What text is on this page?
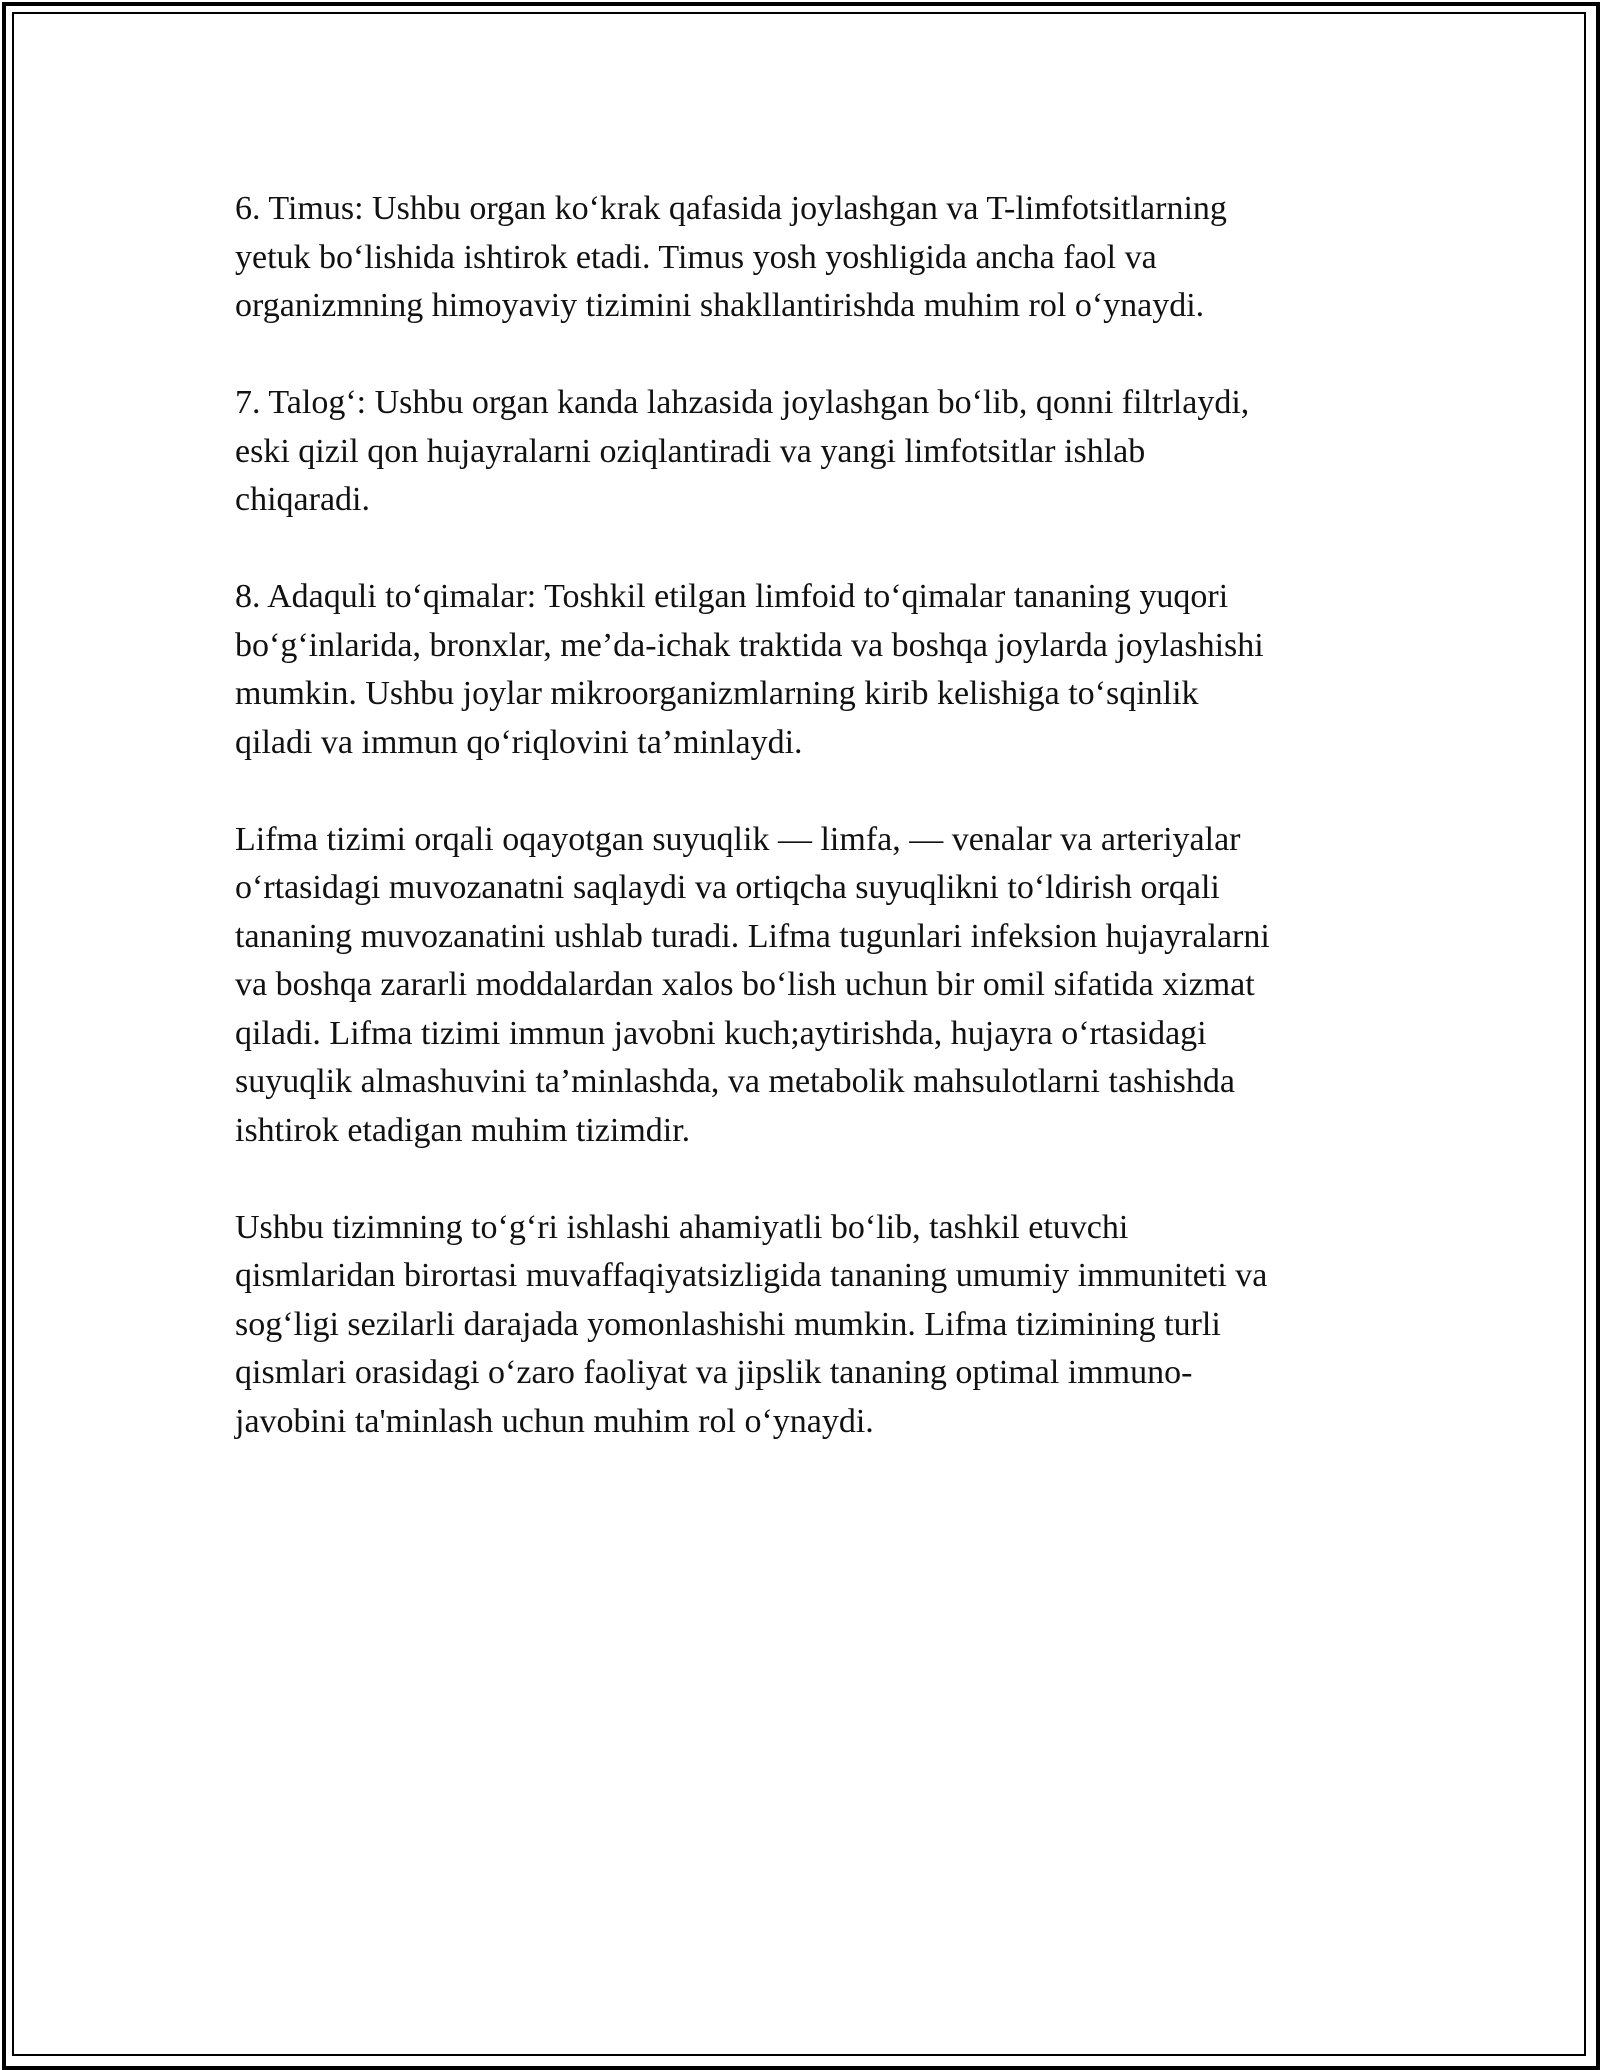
6. Timus: Ushbu organ ko‘krak qafasida joylashgan va T-limfotsitlarning
yetuk bo‘lishida ishtirok etadi. Timus yosh yoshligida ancha faol va
organizmning himoyaviy tizimini shakllantirishda muhim rol o‘ynaydi.

7. Talog‘: Ushbu organ kanda lahzasida joylashgan bo‘lib, qonni filtrlaydi,
eski qizil qon hujayralarni oziqlantiradi va yangi limfotsitlar ishlab
chiqaradi.

8. Adaquli to‘qimalar: Toshkil etilgan limfoid to‘qimalar tananing yuqori
bo‘g‘inlarida, bronxlar, me’da-ichak traktida va boshqa joylarda joylashishi
mumkin. Ushbu joylar mikroorganizmlarning kirib kelishiga to‘sqinlik
qiladi va immun qo‘riqlovini ta’minlaydi.

Lifma tizimi orqali oqayotgan suyuqlik — limfa, — venalar va arteriyalar
o‘rtasidagi muvozanatni saqlaydi va ortiqcha suyuqlikni to‘ldirish orqali
tananing muvozanatini ushlab turadi. Lifma tugunlari infeksion hujayralarni
va boshqa zararli moddalardan xalos bo‘lish uchun bir omil sifatida xizmat
qiladi. Lifma tizimi immun javobni kuch;aytirishda, hujayra o‘rtasidagi
suyuqlik almashuvini ta’minlashda, va metabolik mahsulotlarni tashishda
ishtirok etadigan muhim tizimdir.

Ushbu tizimning to‘g‘ri ishlashi ahamiyatli bo‘lib, tashkil etuvchi
qismlaridan birortasi muvaffaqiyatsizligida tananing umumiy immuniteti va
sog‘ligi sezilarli darajada yomonlashishi mumkin. Lifma tizimining turli
qismlari orasidagi o‘zaro faoliyat va jipslik tananing optimal immuno-
javobini ta'minlash uchun muhim rol o‘ynaydi.
